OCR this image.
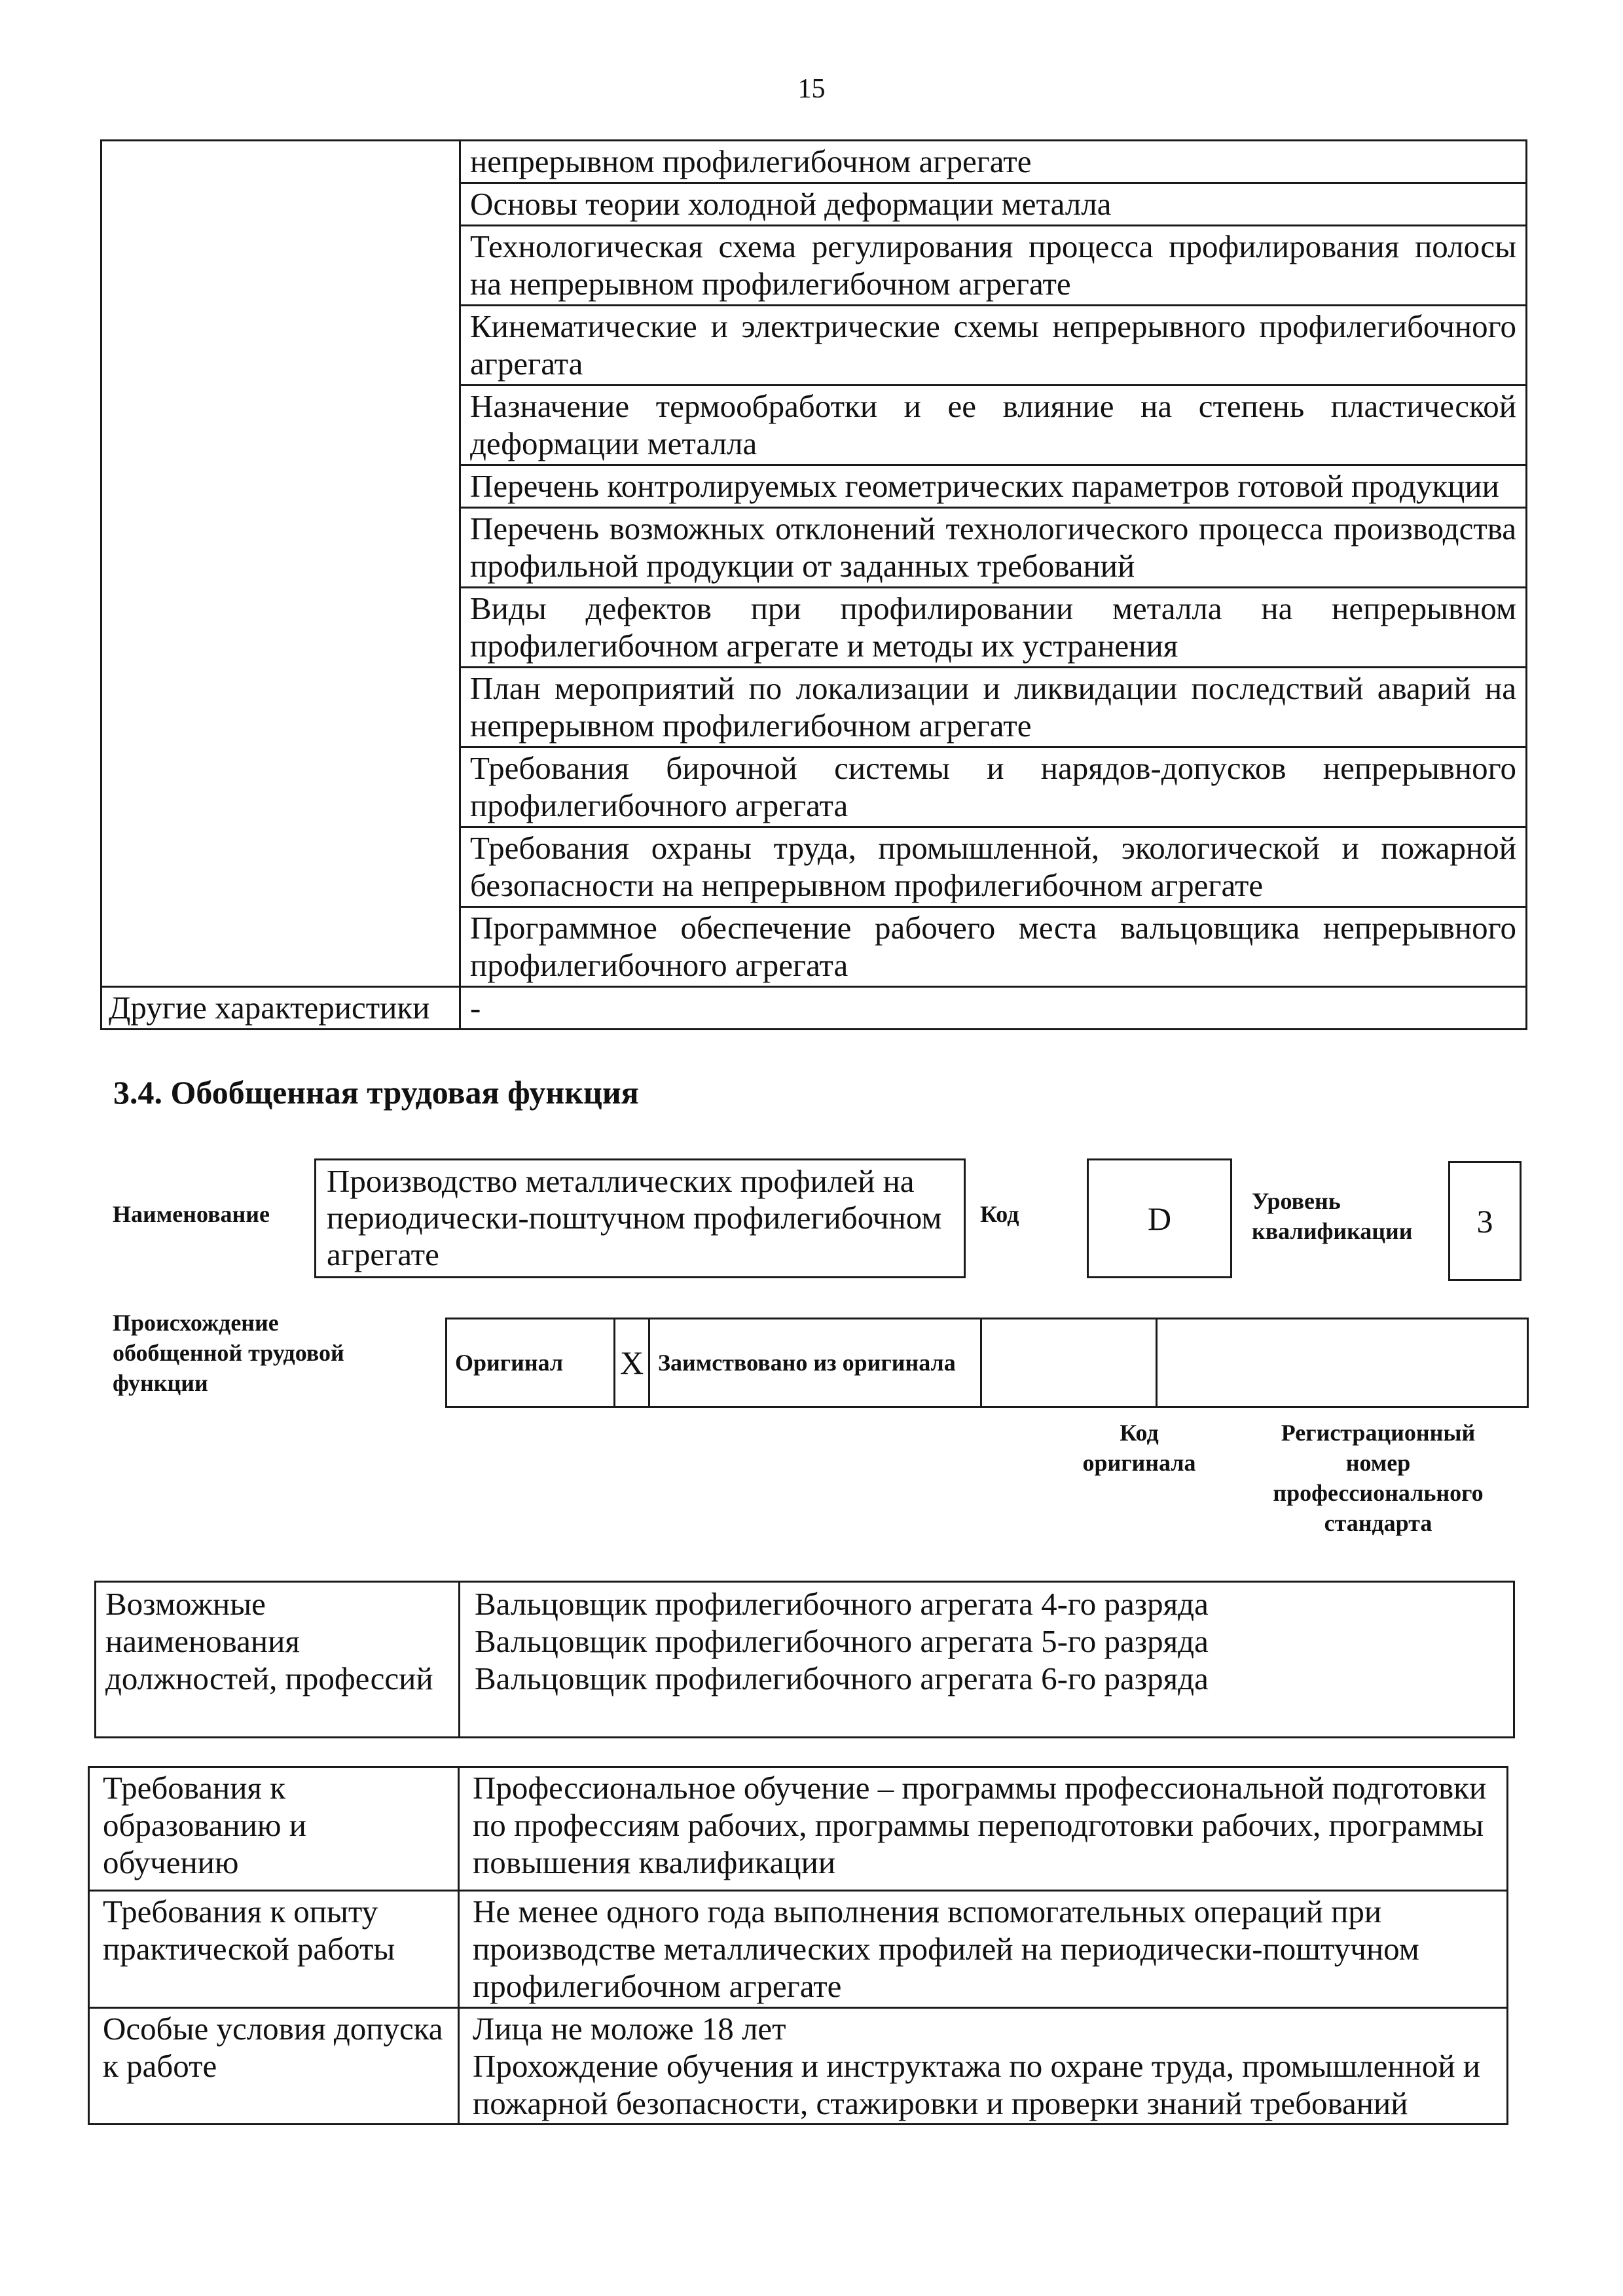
15
	непрерывном профилегибочном агрегате
	Основы теории холодной деформации металла
	Технологическая схема регулирования процесса профилирования полосы на непрерывном профилегибочном агрегате
	Кинематические и электрические схемы непрерывного профилегибочного агрегата
	Назначение термообработки и ее влияние на степень пластической деформации металла
	Перечень контролируемых геометрических параметров готовой продукции
	Перечень возможных отклонений технологического процесса производства профильной продукции от заданных требований
	Виды дефектов при профилировании металла на непрерывном профилегибочном агрегате и методы их устранения
	План мероприятий по локализации и ликвидации последствий аварий на непрерывном профилегибочном агрегате
	Требования бирочной системы и нарядов-допусков непрерывного профилегибочного агрегата
	Требования охраны труда, промышленной, экологической и пожарной безопасности на непрерывном профилегибочном агрегате
	Программное обеспечение рабочего места вальцовщика непрерывного профилегибочного агрегата
Другие характеристики	-
3.4. Обобщенная трудовая функция
Наименование
Производство металлических профилей на периодически-поштучном профилегибочном агрегате
Код	D	Уровень квалификации	3
Происхождение обобщенной трудовой функции
Оригинал	X	Заимствовано из оригинала		
Код оригинала
Регистрационный номер профессионального стандарта
Возможные наименования должностей, профессий	
Вальцовщик профилегибочного агрегата 4-го разряда
Вальцовщик профилегибочного агрегата 5-го разряда
Вальцовщик профилегибочного агрегата 6-го разряда
Требования к образованию и обучению	Профессиональное обучение – программы профессиональной подготовки по профессиям рабочих, программы переподготовки рабочих, программы повышения квалификации
Требования к опыту практической работы	Не менее одного года выполнения вспомогательных операций при производстве металлических профилей на периодически-поштучном профилегибочном агрегате
Особые условия допуска к работе	Лица не моложе 18 лет
Прохождение обучения и инструктажа по охране труда, промышленной и пожарной безопасности, стажировки и проверки знаний требований
